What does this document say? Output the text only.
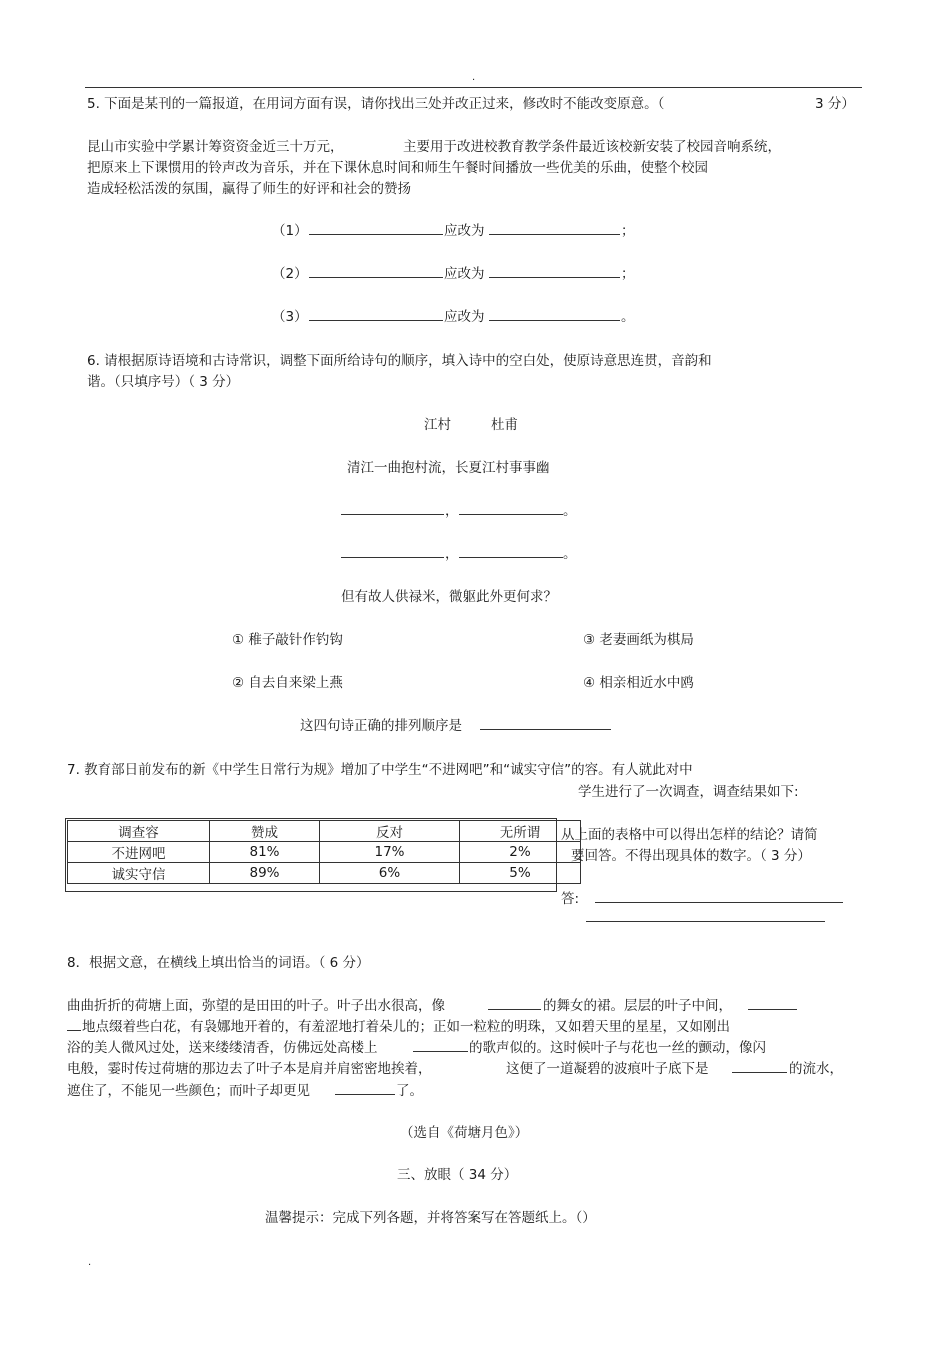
.
5. 下面是某刊的一篇报道，在用词方面有误，请你找出三处并改正过来，修改时不能改变原意。（	3 分）
昆山市实验中学累计筹资资金近三十万元，	主要用于改进校教育教学条件最近该校新安装了校园音响系统，
把原来上下课惯用的铃声改为音乐，并在下课休息时间和师生午餐时间播放一些优美的乐曲，使整个校园
造成轻松活泼的氛围，赢得了师生的好评和社会的赞扬
（1）	应改为	；
（2）	应改为	；
（3）	应改为	。
6. 请根据原诗语境和古诗常识，调整下面所给诗句的顺序，填入诗中的空白处，使原诗意思连贯，音韵和
谐。（只填序号）（ 3 分）
江村	杜甫
清江一曲抱村流，长夏江村事事幽
，	。
，	。
但有故人供禄米，微躯此外更何求？
① 稚子敲针作钓钩	③ 老妻画纸为棋局
② 自去自来梁上燕	④ 相亲相近水中鸥
这四句诗正确的排列顺序是
7. 教育部日前发布的新《中学生日常行为规》增加了中学生“不进网吧”和“诚实守信”的容。有人就此对中
学生进行了一次调查，调查结果如下:
调查容	赞成	反对	无所谓
不进网吧	81%	17%	2%
诚实守信	89%	6%	5%
从上面的表格中可以得出怎样的结论？请简
要回答。不得出现具体的数字。（ 3 分）
答:
8．根据文意，在横线上填出恰当的词语。（ 6 分）
曲曲折折的荷塘上面，弥望的是田田的叶子。叶子出水很高，像	的舞女的裙。层层的叶子中间，
地点缀着些白花，有袅娜地开着的，有羞涩地打着朵儿的；正如一粒粒的明珠，又如碧天里的星星，又如刚出
浴的美人微风过处，送来缕缕清香，仿佛远处高楼上	的歌声似的。这时候叶子与花也一丝的颤动，像闪
电般，霎时传过荷塘的那边去了叶子本是肩并肩密密地挨着，	这便了一道凝碧的波痕叶子底下是	的流水，
遮住了，不能见一些颜色；而叶子却更见	了。
（选自《荷塘月色》）
三、放眼（ 34 分）
温馨提示：完成下列各题，并将答案写在答题纸上。（）
.
